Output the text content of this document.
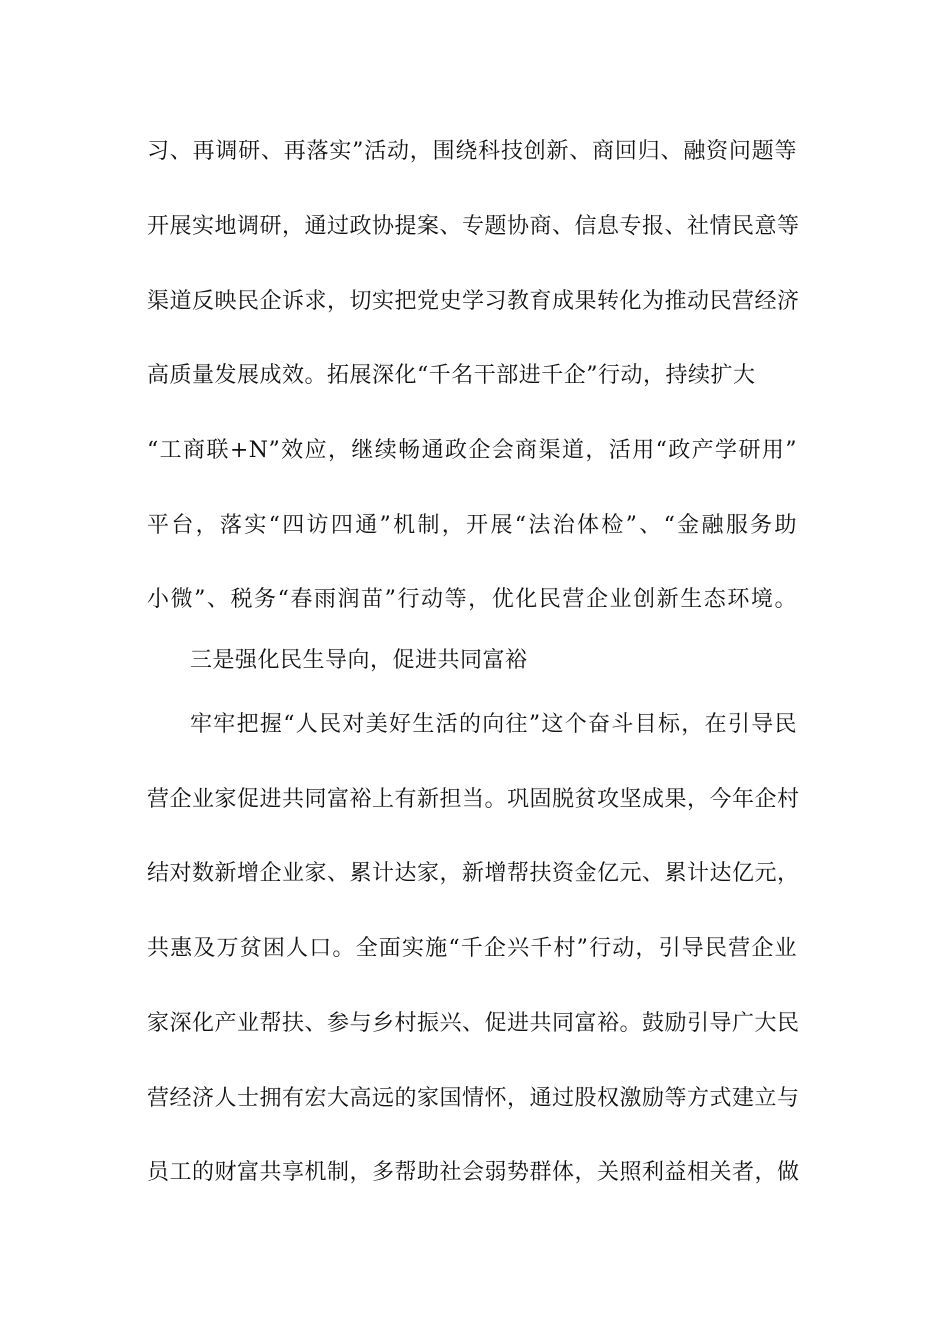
习、再调研、再落实”活动，围绕科技创新、商回归、融资问题等
开展实地调研，通过政协提案、专题协商、信息专报、社情民意等
渠道反映民企诉求，切实把党史学习教育成果转化为推动民营经济
高质量发展成效。拓展深化“千名干部进千企”行动，持续扩大
“工商联+N”效应，继续畅通政企会商渠道，活用“政产学研用”
平台，落实“四访四通”机制，开展“法治体检”、“金融服务助
小微”、税务“春雨润苗”行动等，优化民营企业创新生态环境。
三是强化民生导向，促进共同富裕
牢牢把握“人民对美好生活的向往”这个奋斗目标，在引导民
营企业家促进共同富裕上有新担当。巩固脱贫攻坚成果，今年企村
结对数新增企业家、累计达家，新增帮扶资金亿元、累计达亿元，
共惠及万贫困人口。全面实施“千企兴千村”行动，引导民营企业
家深化产业帮扶、参与乡村振兴、促进共同富裕。鼓励引导广大民
营经济人士拥有宏大高远的家国情怀，通过股权激励等方式建立与
员工的财富共享机制，多帮助社会弱势群体，关照利益相关者，做
